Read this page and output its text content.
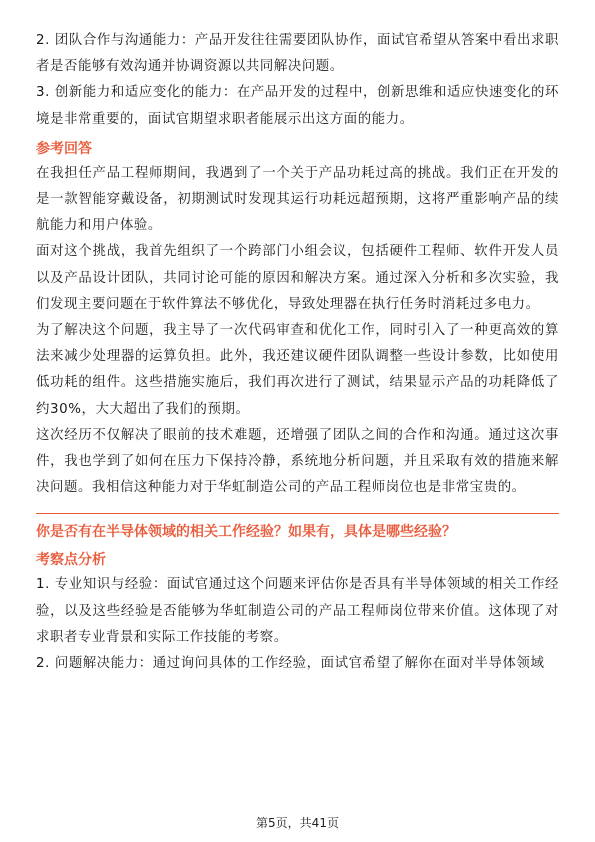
2. 团队合作与沟通能力：产品开发往往需要团队协作，面试官希望从答案中看出求职者是否能够有效沟通并协调资源以共同解决问题。

3. 创新能力和适应变化的能力：在产品开发的过程中，创新思维和适应快速变化的环境是非常重要的，面试官期望求职者能展示出这方面的能力。

参考回答

在我担任产品工程师期间，我遇到了一个关于产品功耗过高的挑战。我们正在开发的是一款智能穿戴设备，初期测试时发现其运行功耗远超预期，这将严重影响产品的续航能力和用户体验。

面对这个挑战，我首先组织了一个跨部门小组会议，包括硬件工程师、软件开发人员以及产品设计团队，共同讨论可能的原因和解决方案。通过深入分析和多次实验，我们发现主要问题在于软件算法不够优化，导致处理器在执行任务时消耗过多电力。

为了解决这个问题，我主导了一次代码审查和优化工作，同时引入了一种更高效的算法来减少处理器的运算负担。此外，我还建议硬件团队调整一些设计参数，比如使用低功耗的组件。这些措施实施后，我们再次进行了测试，结果显示产品的功耗降低了约30%，大大超出了我们的预期。

这次经历不仅解决了眼前的技术难题，还增强了团队之间的合作和沟通。通过这次事件，我也学到了如何在压力下保持冷静，系统地分析问题，并且采取有效的措施来解决问题。我相信这种能力对于华虹制造公司的产品工程师岗位也是非常宝贵的。

你是否有在半导体领域的相关工作经验？如果有，具体是哪些经验？
考察点分析

1. 专业知识与经验：面试官通过这个问题来评估你是否具有半导体领域的相关工作经验，以及这些经验是否能够为华虹制造公司的产品工程师岗位带来价值。这体现了对求职者专业背景和实际工作技能的考察。

2. 问题解决能力：通过询问具体的工作经验，面试官希望了解你在面对半导体领域

第5页，共41页
